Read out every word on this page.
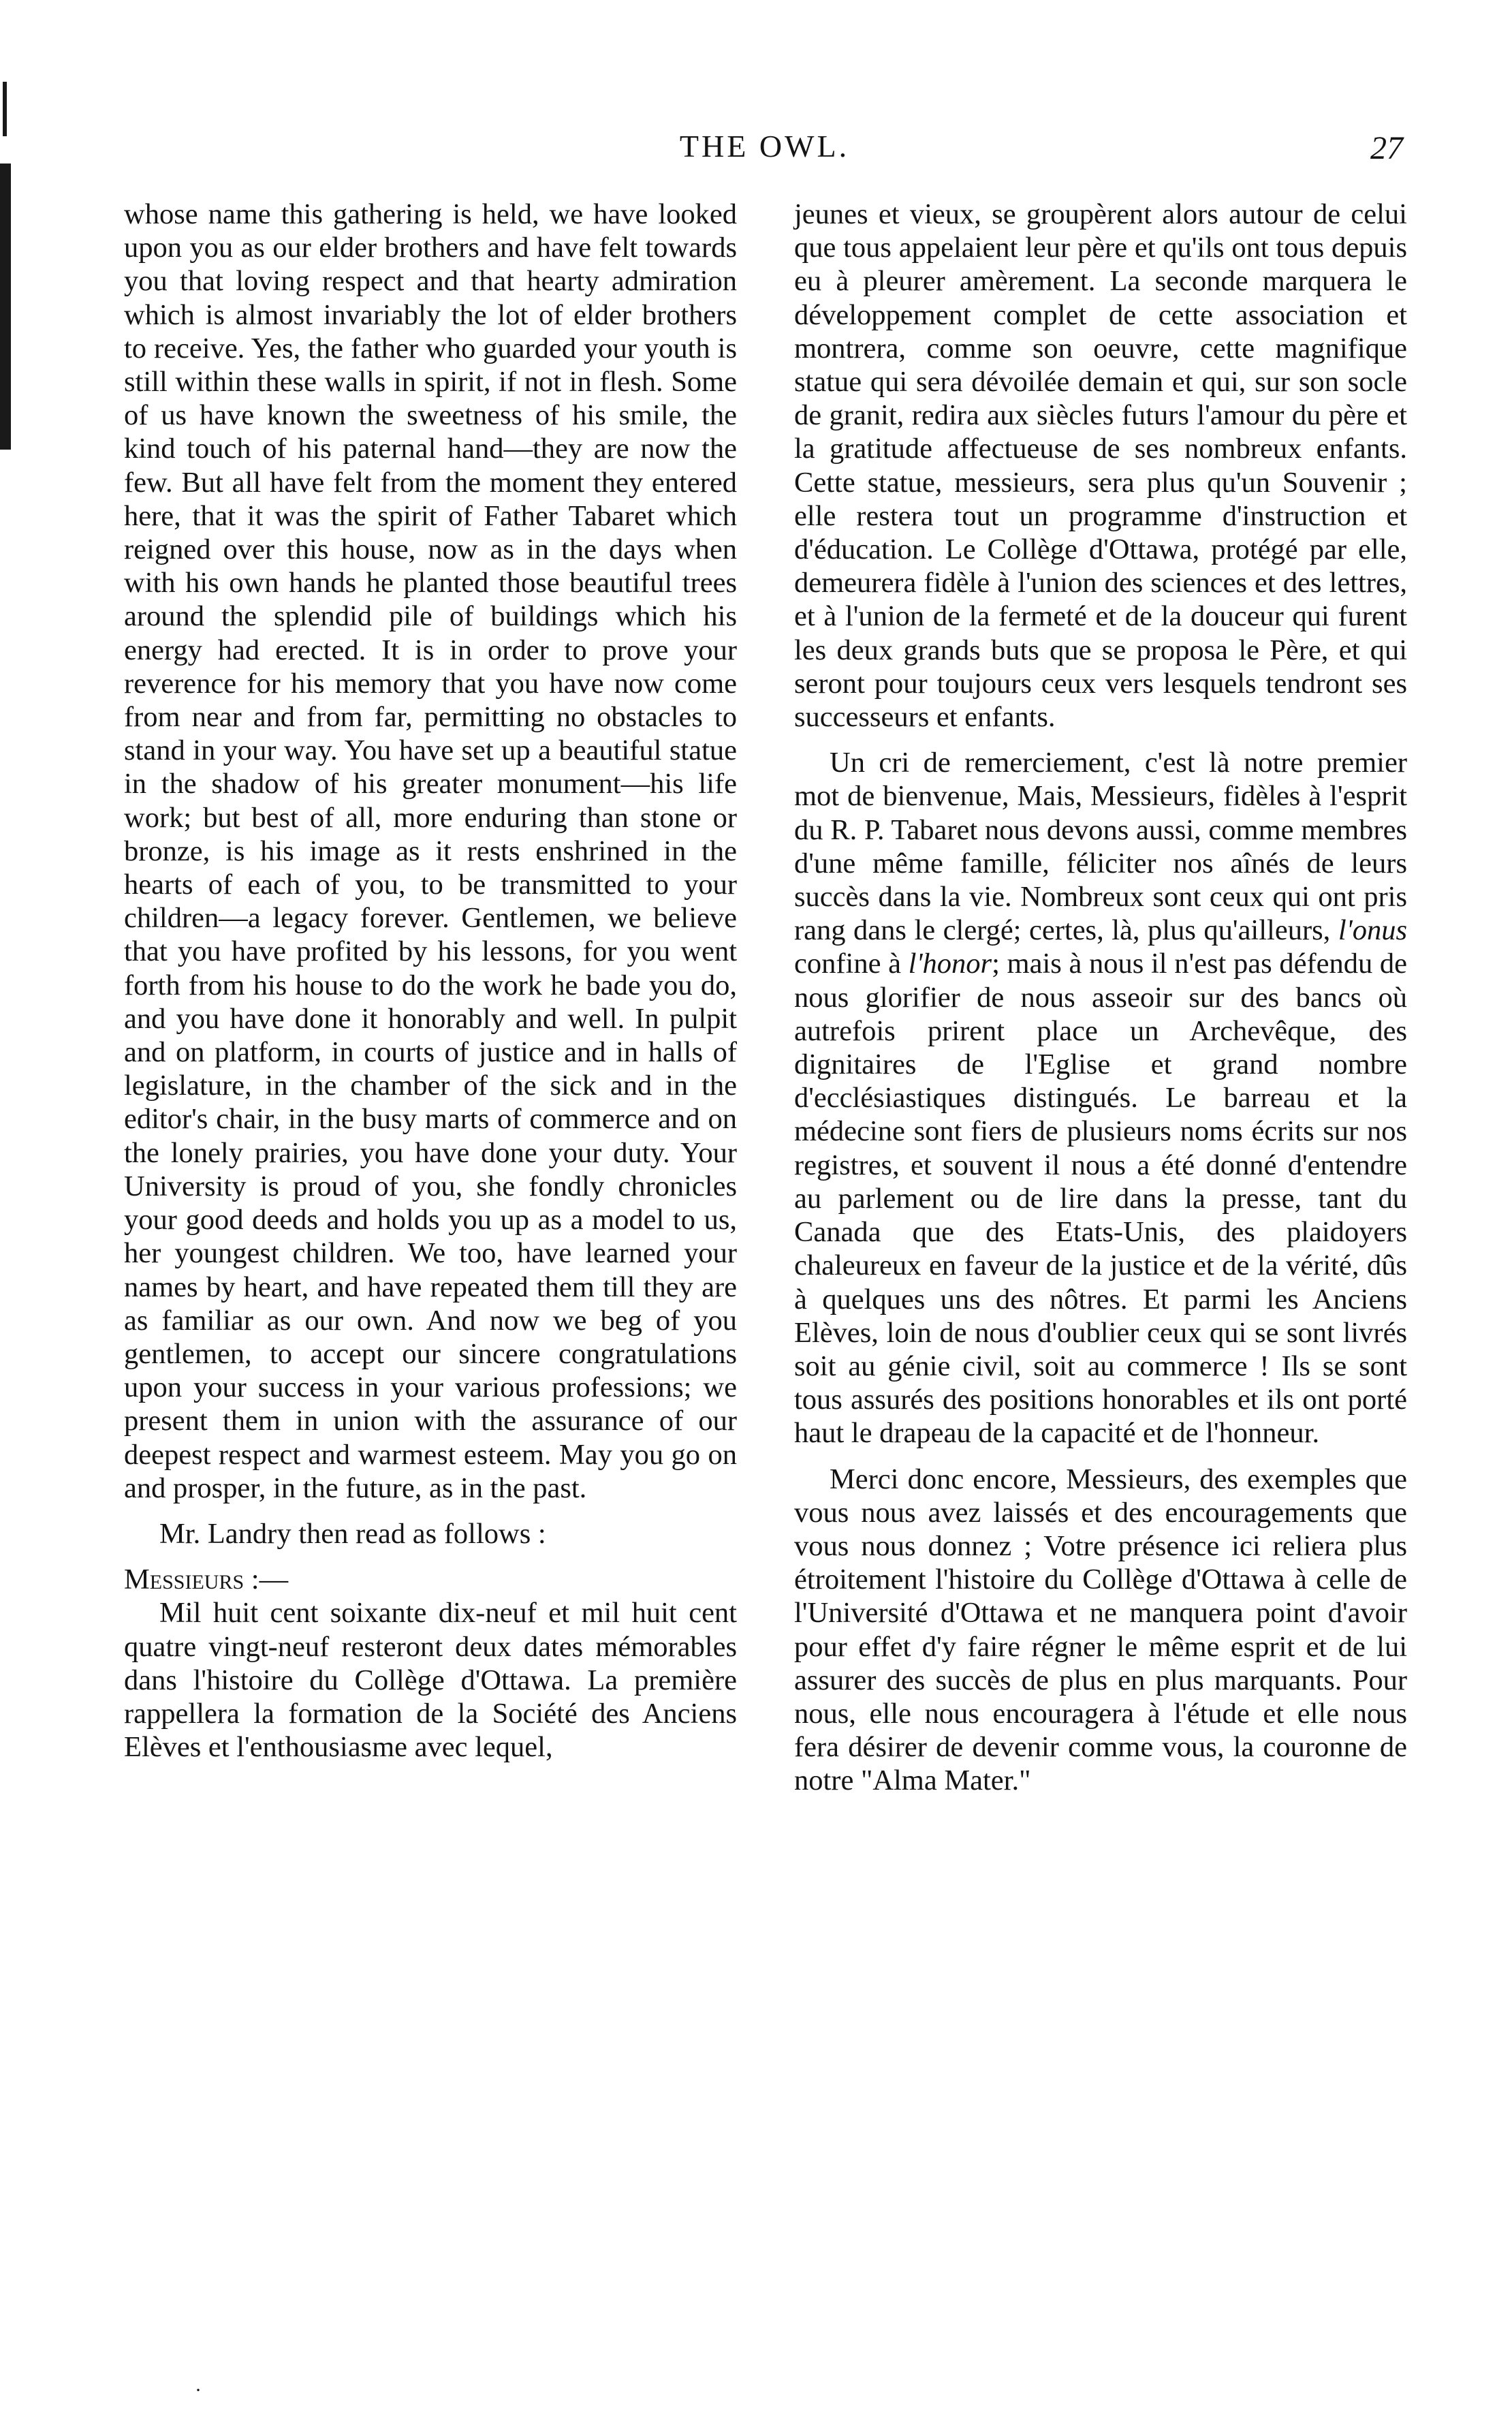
THE OWL.	27

whose name this gathering is held, we have looked upon you as our elder brothers and have felt towards you that loving respect and that hearty admiration which is almost invariably the lot of elder brothers to receive. Yes, the father who guarded your youth is still within these walls in spirit, if not in flesh. Some of us have known the sweetness of his smile, the kind touch of his paternal hand—they are now the few. But all have felt from the moment they entered here, that it was the spirit of Father Tabaret which reigned over this house, now as in the days when with his own hands he planted those beautiful trees around the splendid pile of buildings which his energy had erected. It is in order to prove your reverence for his memory that you have now come from near and from far, permitting no obstacles to stand in your way. You have set up a beautiful statue in the shadow of his greater monument—his life work; but best of all, more enduring than stone or bronze, is his image as it rests enshrined in the hearts of each of you, to be transmitted to your children—a legacy forever. Gentlemen, we believe that you have profited by his lessons, for you went forth from his house to do the work he bade you do, and you have done it honorably and well. In pulpit and on platform, in courts of justice and in halls of legislature, in the chamber of the sick and in the editor's chair, in the busy marts of commerce and on the lonely prairies, you have done your duty. Your University is proud of you, she fondly chronicles your good deeds and holds you up as a model to us, her youngest children. We too, have learned your names by heart, and have repeated them till they are as familiar as our own. And now we beg of you gentlemen, to accept our sincere congratulations upon your success in your various professions; we present them in union with the assurance of our deepest respect and warmest esteem. May you go on and prosper, in the future, as in the past.

Mr. Landry then read as follows :

Messieurs :—

Mil huit cent soixante dix-neuf et mil huit cent quatre vingt-neuf resteront deux dates mémorables dans l'histoire du Collège d'Ottawa. La première rappellera la formation de la Société des Anciens Elèves et l'enthousiasme avec lequel,

jeunes et vieux, se groupèrent alors autour de celui que tous appelaient leur père et qu'ils ont tous depuis eu à pleurer amèrement. La seconde marquera le développement complet de cette association et montrera, comme son oeuvre, cette magnifique statue qui sera dévoilée demain et qui, sur son socle de granit, redira aux siècles futurs l'amour du père et la gratitude affectueuse de ses nombreux enfants. Cette statue, messieurs, sera plus qu'un Souvenir ; elle restera tout un programme d'instruction et d'éducation. Le Collège d'Ottawa, protégé par elle, demeurera fidèle à l'union des sciences et des lettres, et à l'union de la fermeté et de la douceur qui furent les deux grands buts que se proposa le Père, et qui seront pour toujours ceux vers lesquels tendront ses successeurs et enfants.

Un cri de remerciement, c'est là notre premier mot de bienvenue, Mais, Messieurs, fidèles à l'esprit du R. P. Tabaret nous devons aussi, comme membres d'une même famille, féliciter nos aînés de leurs succès dans la vie. Nombreux sont ceux qui ont pris rang dans le clergé; certes, là, plus qu'ailleurs, l'onus confine à l'honor; mais à nous il n'est pas défendu de nous glorifier de nous asseoir sur des bancs où autrefois prirent place un Archevêque, des dignitaires de l'Eglise et grand nombre d'ecclésiastiques distingués. Le barreau et la médecine sont fiers de plusieurs noms écrits sur nos registres, et souvent il nous a été donné d'entendre au parlement ou de lire dans la presse, tant du Canada que des Etats-Unis, des plaidoyers chaleureux en faveur de la justice et de la vérité, dûs à quelques uns des nôtres. Et parmi les Anciens Elèves, loin de nous d'oublier ceux qui se sont livrés soit au génie civil, soit au commerce ! Ils se sont tous assurés des positions honorables et ils ont porté haut le drapeau de la capacité et de l'honneur.

Merci donc encore, Messieurs, des exemples que vous nous avez laissés et des encouragements que vous nous donnez ; Votre présence ici reliera plus étroitement l'histoire du Collège d'Ottawa à celle de l'Université d'Ottawa et ne manquera point d'avoir pour effet d'y faire régner le même esprit et de lui assurer des succès de plus en plus marquants. Pour nous, elle nous encouragera à l'étude et elle nous fera désirer de devenir comme vous, la couronne de notre "Alma Mater."

·
